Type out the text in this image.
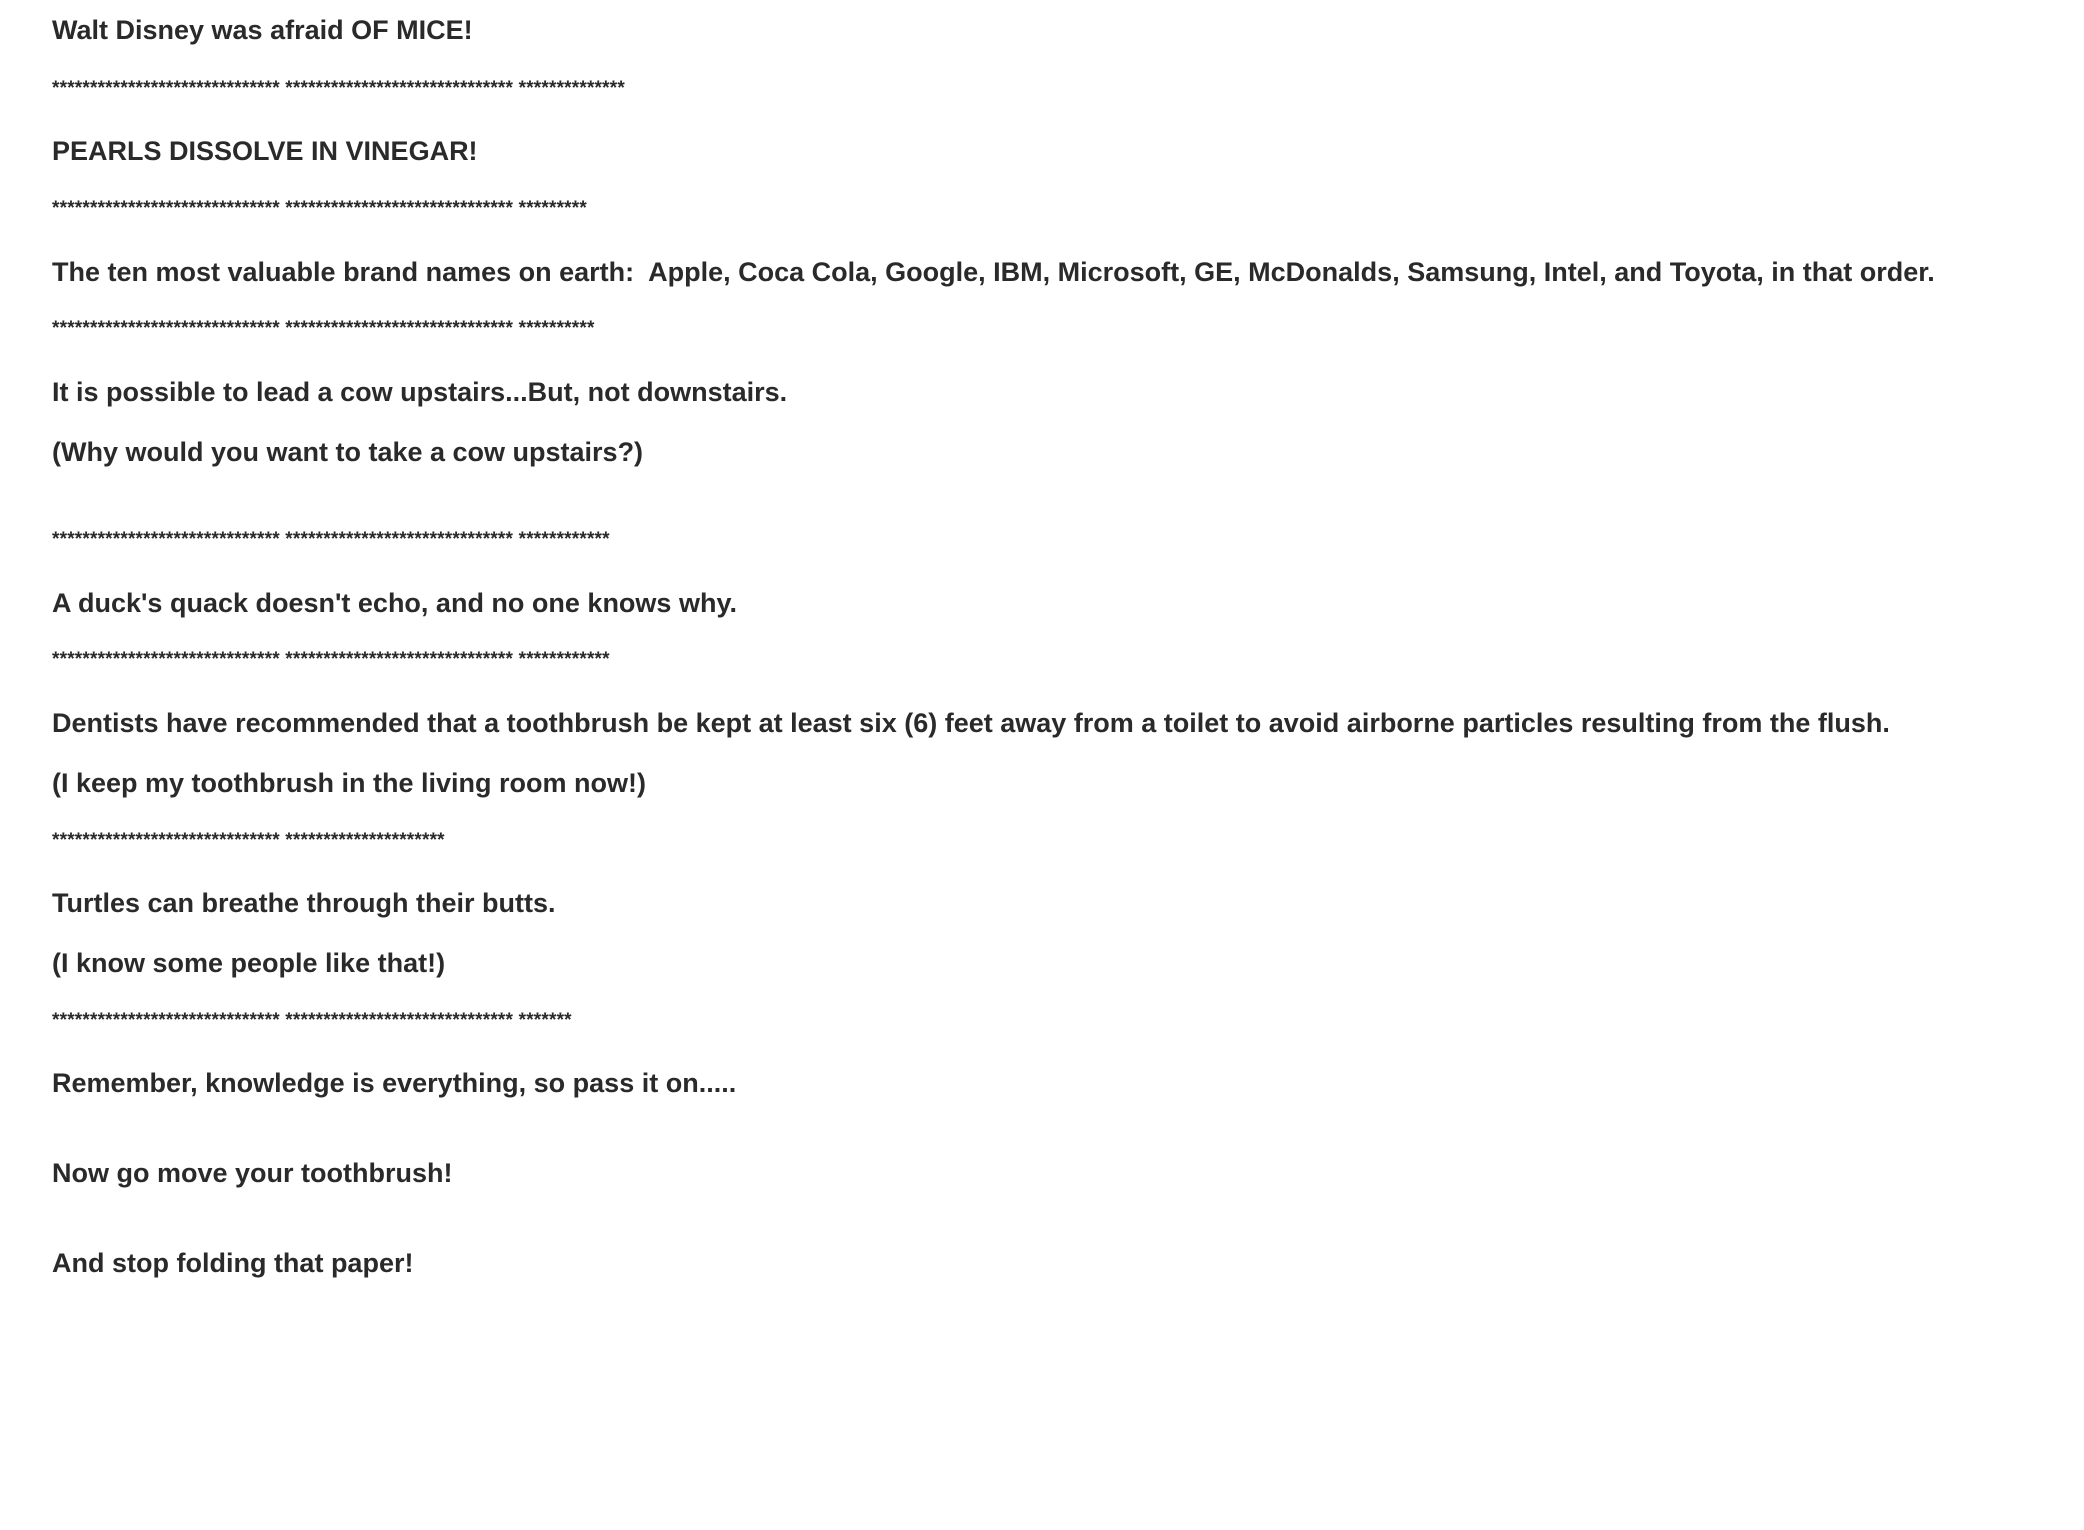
Walt Disney was afraid OF MICE!
****************************** ****************************** **************
PEARLS DISSOLVE IN VINEGAR!
****************************** ****************************** *********
The ten most valuable brand names on earth:  Apple, Coca Cola, Google, IBM, Microsoft, GE, McDonalds, Samsung, Intel, and Toyota, in that order.
****************************** ****************************** **********
It is possible to lead a cow upstairs...But, not downstairs.
(Why would you want to take a cow upstairs?)
****************************** ****************************** ************
A duck's quack doesn't echo, and no one knows why.
****************************** ****************************** ************
Dentists have recommended that a toothbrush be kept at least six (6) feet away from a toilet to avoid airborne particles resulting from the flush.
(I keep my toothbrush in the living room now!)
****************************** *********************
Turtles can breathe through their butts.
(I know some people like that!)
****************************** ****************************** *******
Remember, knowledge is everything, so pass it on.....
Now go move your toothbrush!
And stop folding that paper!
